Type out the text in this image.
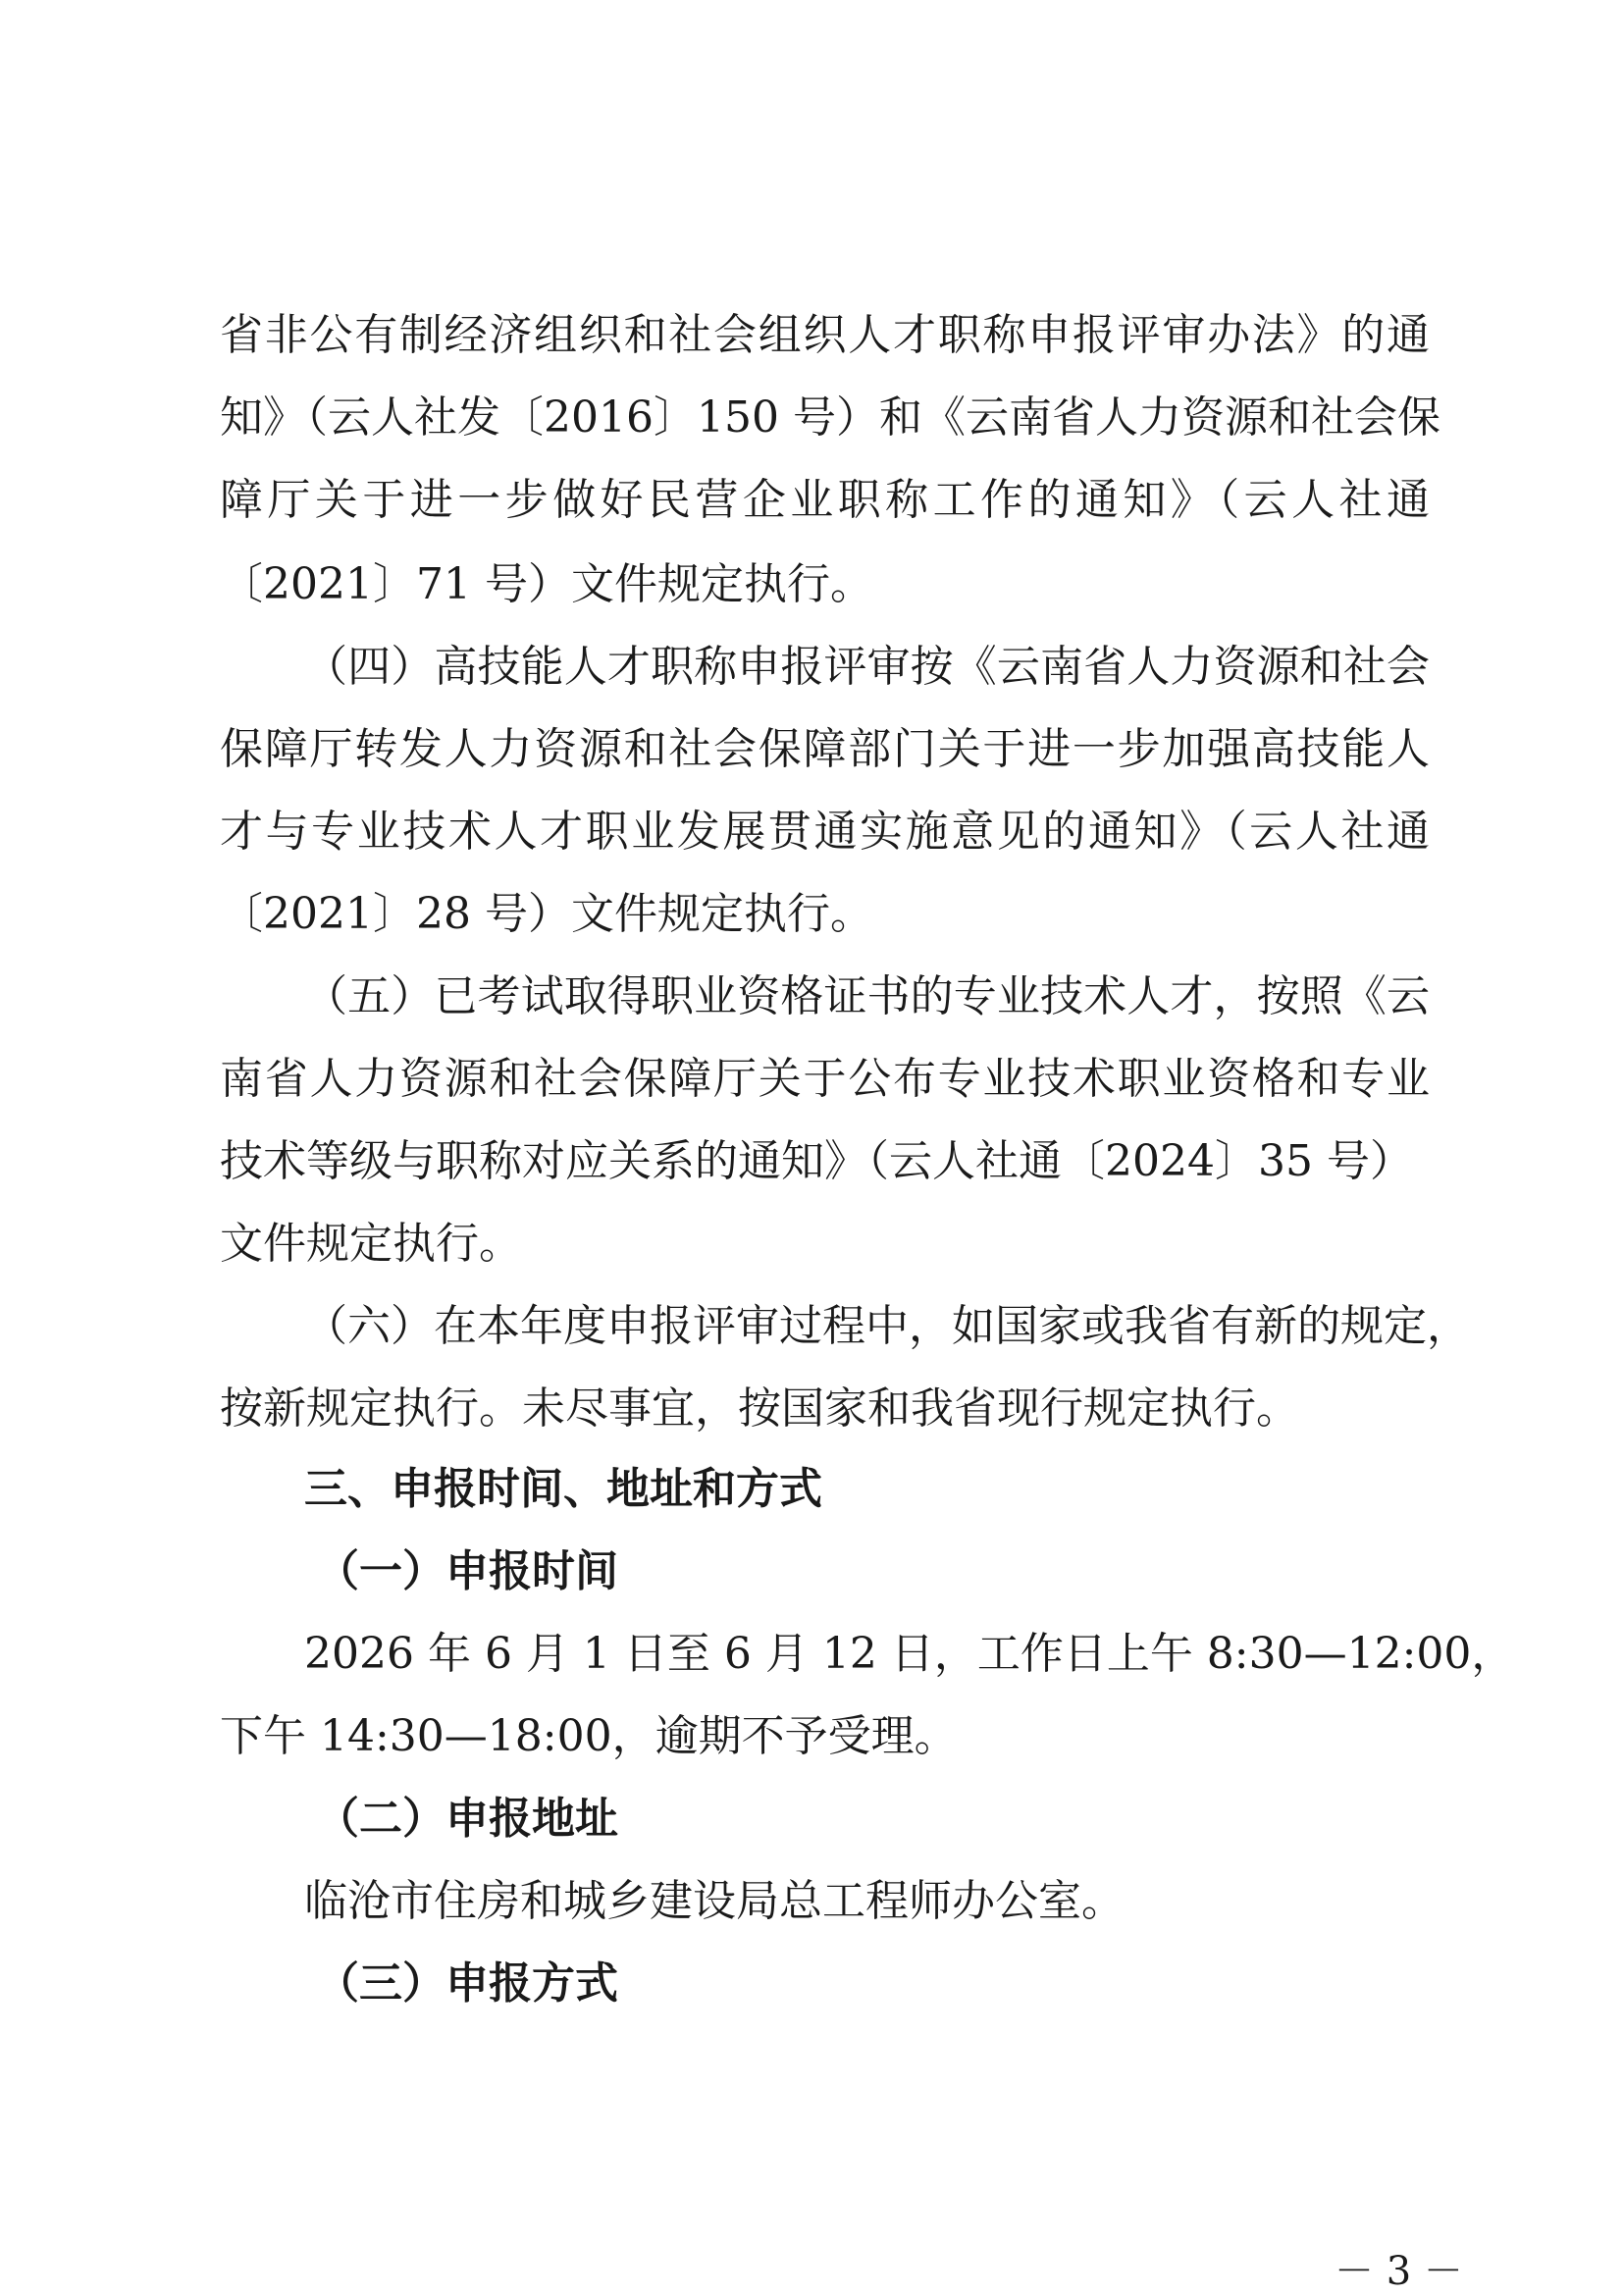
省非公有制经济组织和社会组织人才职称申报评审办法》的通
知》（云人社发〔2016〕150 号）和《云南省人力资源和社会保
障厅关于进一步做好民营企业职称工作的通知》（云人社通
〔2021〕71 号）文件规定执行。
（四）高技能人才职称申报评审按《云南省人力资源和社会
保障厅转发人力资源和社会保障部门关于进一步加强高技能人
才与专业技术人才职业发展贯通实施意见的通知》（云人社通
〔2021〕28 号）文件规定执行。
（五）已考试取得职业资格证书的专业技术人才，按照《云
南省人力资源和社会保障厅关于公布专业技术职业资格和专业
技术等级与职称对应关系的通知》（云人社通〔2024〕35 号）
文件规定执行。
（六）在本年度申报评审过程中，如国家或我省有新的规定，
按新规定执行。未尽事宜，按国家和我省现行规定执行。
三、申报时间、地址和方式
（一）申报时间
2026 年 6 月 1 日至 6 月 12 日，工作日上午 8:30—12:00，
下午 14:30—18:00，逾期不予受理。
（二）申报地址
临沧市住房和城乡建设局总工程师办公室。
（三）申报方式
－ 3 －
